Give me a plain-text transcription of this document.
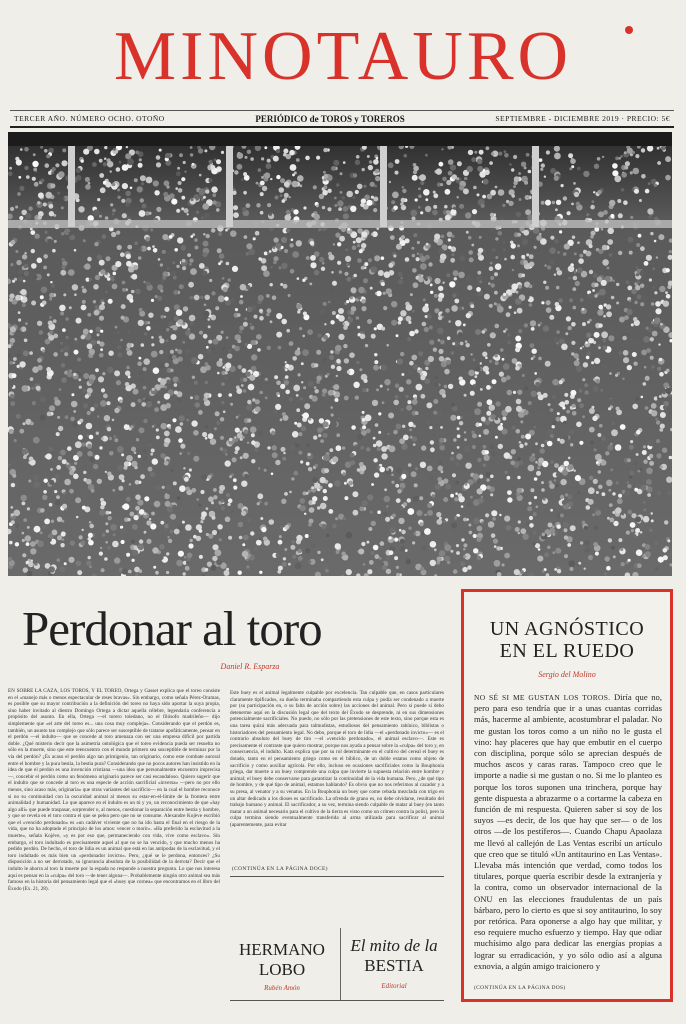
MINOTAURO
TERCER AÑO. NÚMERO OCHO. OTOÑO	PERIÓDICO de TOROS y TOREROS	SEPTIEMBRE - DICIEMBRE 2019 · PRECIO: 5€
Perdonar al toro
Daniel R. Esparza
EN SOBRE LA CAZA, LOS TOROS, Y EL TOREO, Ortega y Gasset explica que el toreo consiste en el «manejo más o menos espectacular de reses bravas». Sin embargo, como señala Pérez-Oramas, es posible que su mayor contribución a la definición del toreo no haya sido aportar la suya propia, sino haber invitado al diestro Domingo Ortega a dictar aquella célebre, legendaria conferencia a propósito del asunto. En ella, Ortega —el torero toledano, no el filósofo madrileño— dijo simplemente que «el arte del toreo es... una cosa muy compleja». Considerando que el perdón es, también, un asunto tan complejo que sólo parece ser susceptible de tratarse apofáticamente, pensar en el perdón —el indulto— que se concede al toro amenaza con ser una empresa difícil por partida doble. ¿Qué misterio decir que la asimetría ontológica que el toreo evidencia pueda ser resuelta no sólo en la muerte, sino que este reencuentro con el mundo primero sea susceptible de terminar por la vía del perdón? ¿Es acaso el perdón algo tan primigenio, tan originario, como este combate auroral entre el hombre y la pura bestia, la bestia pura? Considerando que no pocos autores han insistido en la idea de que el perdón es una invención cristiana —una idea que personalmente encuentro imprecisa—, concebir el perdón como un fenómeno originario parece ser casi escandaloso. Quiero sugerir que el indulto que se concede al toro es una especie de acción sacrificial «inversa» —pero no por ello menos, sino acaso más, originaria» que otras variantes del sacrificio— en la cual el hombre reconoce si no su continuidad con la oscuridad animal al menos su estar-en-el-límite de la frontera entre animalidad y humanidad. Lo que aparece en el indulto es un tú y yo, un reconocimiento de que «hay algo allí» que puede traspasar, sorprender o, al menos, cuestionar la separación entre bestia y hombre, y que se revela en el toro contra el que se pelea pero que no se consume. Alexandre Kojève escribió que el «vencido perdonado» es «un cadáver viviente que no ha ido hasta el final en el riesgo de la vida, que no ha adoptado el principio de los amos: vencer o morir». «Ha preferido la esclavitud a la muerte», señala Kojève, «y es por eso que, permaneciendo con vida, vive como esclavo». Sin embargo, el toro indultado es precisamente aquel al que no se ha vencido, y que mucho menos ha pedido perdón. De hecho, el toro de lidia es un animal que está en las antípodas de la esclavitud, y el toro indultado es más bien un «perdonador invicto». Pero, ¿qué se le perdona, entonces? ¿Su disposición a no ser derrotado, su ignorancia absoluta de la posibilidad de la derrota? Decir que el indulto le ahorra al toro la muerte por la espada no responde a nuestra pregunta. Lo que nos interesa aquí es pensar en la «culpa» del toro —de tener alguna—. Probablemente ningún otro animal sea más famoso en la historia del pensamiento legal que el «buey que cornea» que encontramos en el libro del Éxodo (Ex. 21, 28).
Este buey es el animal legalmente culpable por excelencia. Tan culpable que, en casos particulares claramente tipificados, su dueño terminaba compartiendo esta culpa y podía ser condenado a muerte por (su participación en, o su falta de acción sobre) las acciones del animal. Pero si puede sí debo detenerme aquí en la discusión legal que del texto del Éxodo se desprende, ni en sus dimensiones potencialmente sacrificiales. No puedo, no sólo por las pretensiones de este texto, sino porque esta es una tarea quizá más adecuada para talmudistas, estudiosos del pensamiento rabínico, biblistas o historiadores del pensamiento legal. No debo, porque el toro de lidia —el «perdonado invicto»— es el contrario absoluto del buey de tiro —el «vencido perdonado», el animal esclavo—. Este es precisamente el contraste que quiero mostrar, porque nos ayuda a pensar sobre la «culpa» del toro y, en consecuencia, el indulto. Katz explica que por su rol determinante en el cultivo del cereal el buey es dotado, tanto en el pensamiento griego como en el bíblico, de un doble estatus como objeto de sacrificio y como auxiliar agrícola. Por ello, incluso en ocasiones sacrificiales como la Bouphonia griega, dar muerte a un buey comprende una culpa que invierte la supuesta relación entre hombre y animal; el buey debe conservarse para garantizar la continuidad de la vida humana. Pero, ¿de qué tipo de hombre, y de qué tipo de animal, estamos hablando? Es obvio que no nos referimos al cazador y a su presa, al venator y a su venatus. En la Bouphonia un buey que come cebada mezclada con trigo en un altar dedicado a los dioses es sacrificado. La ofrenda de grano es, no debe olvidarse, resultado del trabajo humano y animal. El sacrificador, a su vez, termina siendo culpable de matar al buey (en tanto matar a un animal necesario para el cultivo de la tierra es visto como un crimen contra la polis), pero la culpa termina siendo eventualmente transferida al arma utilizada para sacrificar al animal (aparentemente, para evitar
(CONTINÚA EN LA PÁGINA DOCE)
HERMANO
LOBO
Rubén Amón
El mito de la
BESTIA
Editorial
UN AGNÓSTICO
EN EL RUEDO
Sergio del Molino
NO SÉ SI ME GUSTAN LOS TOROS. Diría que no, pero para eso tendría que ir a unas cuantas corridas más, hacerme al ambiente, acostumbrar el paladar. No me gustan los toros como a un niño no le gusta el vino: hay placeres que hay que embutir en el cuerpo con disciplina, porque sólo se aprecian después de muchos ascos y caras raras. Tampoco creo que le importe a nadie si me gustan o no. Si me lo planteo es porque los toros suponen una trinchera, porque hay gente dispuesta a abrazarme o a cortarme la cabeza en función de mi respuesta. Quieren saber si soy de los suyos —es decir, de los que hay que ser— o de los otros —de los pestíferos—. Cuando Chapu Apaolaza me llevó al callejón de Las Ventas escribí un artículo que creo que se tituló «Un antitaurino en Las Ventas». Llevaba más intención que verdad, como todos los titulares, porque quería escribir desde la extranjería y la contra, como un observador internacional de la ONU en las elecciones fraudulentas de un país bárbaro, pero lo cierto es que si soy antitaurino, lo soy por retórica. Para oponerse a algo hay que militar, y eso requiere mucho esfuerzo y tiempo. Hay que odiar muchísimo algo para dedicar las energías propias a lograr su erradicación, y yo sólo odio así a alguna exnovia, a algún amigo traicionero y
(CONTINÚA EN LA PÁGINA DOS)
